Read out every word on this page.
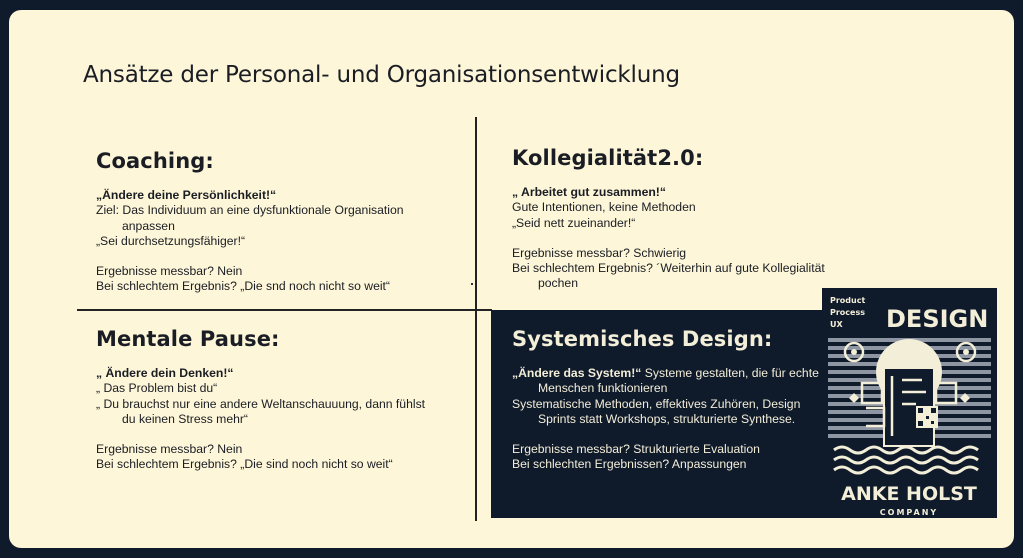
Ansätze der Personal- und Organisationsentwicklung
Coaching:
„Ändere deine Persönlichkeit!“
Ziel: Das Individuum an eine dysfunktionale Organisation
anpassen
„Sei durchsetzungsfähiger!“
Ergebnisse messbar? Nein
Bei schlechtem Ergebnis? „Die snd noch nicht so weit“
Kollegialität2.0:
„ Arbeitet gut zusammen!“
Gute Intentionen, keine Methoden
„Seid nett zueinander!“
Ergebnisse messbar? Schwierig
Bei schlechtem Ergebnis? ´Weiterhin auf gute Kollegialität
pochen
Mentale Pause:
„ Ändere dein Denken!“
„ Das Problem bist du“
„ Du brauchst nur eine andere Weltanschauuung, dann fühlst
du keinen Stress mehr“
Ergebnisse messbar? Nein
Bei schlechtem Ergebnis? „Die sind noch nicht so weit“
Systemisches Design:
„Ändere das System!“ Systeme gestalten, die für echte
Menschen funktionieren
Systematische Methoden, effektives Zuhören, Design
Sprints statt Workshops, strukturierte Synthese.
Ergebnisse messbar? Strukturierte Evaluation
Bei schlechten Ergebnissen? Anpassungen
Product
Process
UX DESIGN
ANKE HOLST
COMPANY
